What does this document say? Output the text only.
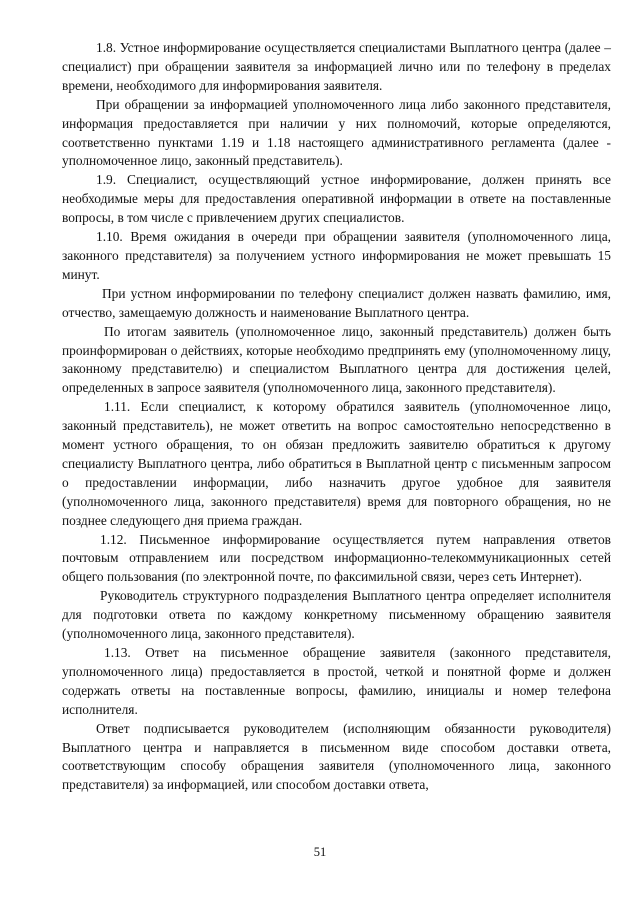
1.8. Устное информирование осуществляется специалистами Выплатного центра (далее – специалист) при обращении заявителя за информацией лично или по телефону в пределах времени, необходимого для информирования заявителя.

При обращении за информацией уполномоченного лица либо законного представителя, информация предоставляется при наличии у них полномочий, которые определяются, соответственно пунктами 1.19 и 1.18 настоящего административного регламента (далее - уполномоченное лицо, законный представитель).

1.9. Специалист, осуществляющий устное информирование, должен принять все необходимые меры для предоставления оперативной информации в ответе на поставленные вопросы, в том числе с привлечением других специалистов.

1.10. Время ожидания в очереди при обращении заявителя (уполномоченного лица, законного представителя) за получением устного информирования не может превышать 15 минут.

При устном информировании по телефону специалист должен назвать фамилию, имя, отчество, замещаемую должность и наименование Выплатного центра.

По итогам заявитель (уполномоченное лицо, законный представитель) должен быть проинформирован о действиях, которые необходимо предпринять ему (уполномоченному лицу, законному представителю) и специалистом Выплатного центра для достижения целей, определенных в запросе заявителя (уполномоченного лица, законного представителя).

1.11. Если специалист, к которому обратился заявитель (уполномоченное лицо, законный представитель), не может ответить на вопрос самостоятельно непосредственно в момент устного обращения, то он обязан предложить заявителю обратиться к другому специалисту Выплатного центра, либо обратиться в Выплатной центр с письменным запросом о предоставлении информации, либо назначить другое удобное для заявителя (уполномоченного лица, законного представителя) время для повторного обращения, но не позднее следующего дня приема граждан.

1.12. Письменное информирование осуществляется путем направления ответов почтовым отправлением или посредством информационно-телекоммуникационных сетей общего пользования (по электронной почте, по факсимильной связи, через сеть Интернет).

Руководитель структурного подразделения Выплатного центра определяет исполнителя для подготовки ответа по каждому конкретному письменному обращению заявителя (уполномоченного лица, законного представителя).

1.13. Ответ на письменное обращение заявителя (законного представителя, уполномоченного лица) предоставляется в простой, четкой и понятной форме и должен содержать ответы на поставленные вопросы, фамилию, инициалы и номер телефона исполнителя.

Ответ подписывается руководителем (исполняющим обязанности руководителя) Выплатного центра и направляется в письменном виде способом доставки ответа, соответствующим способу обращения заявителя (уполномоченного лица, законного представителя) за информацией, или способом доставки ответа,

51
